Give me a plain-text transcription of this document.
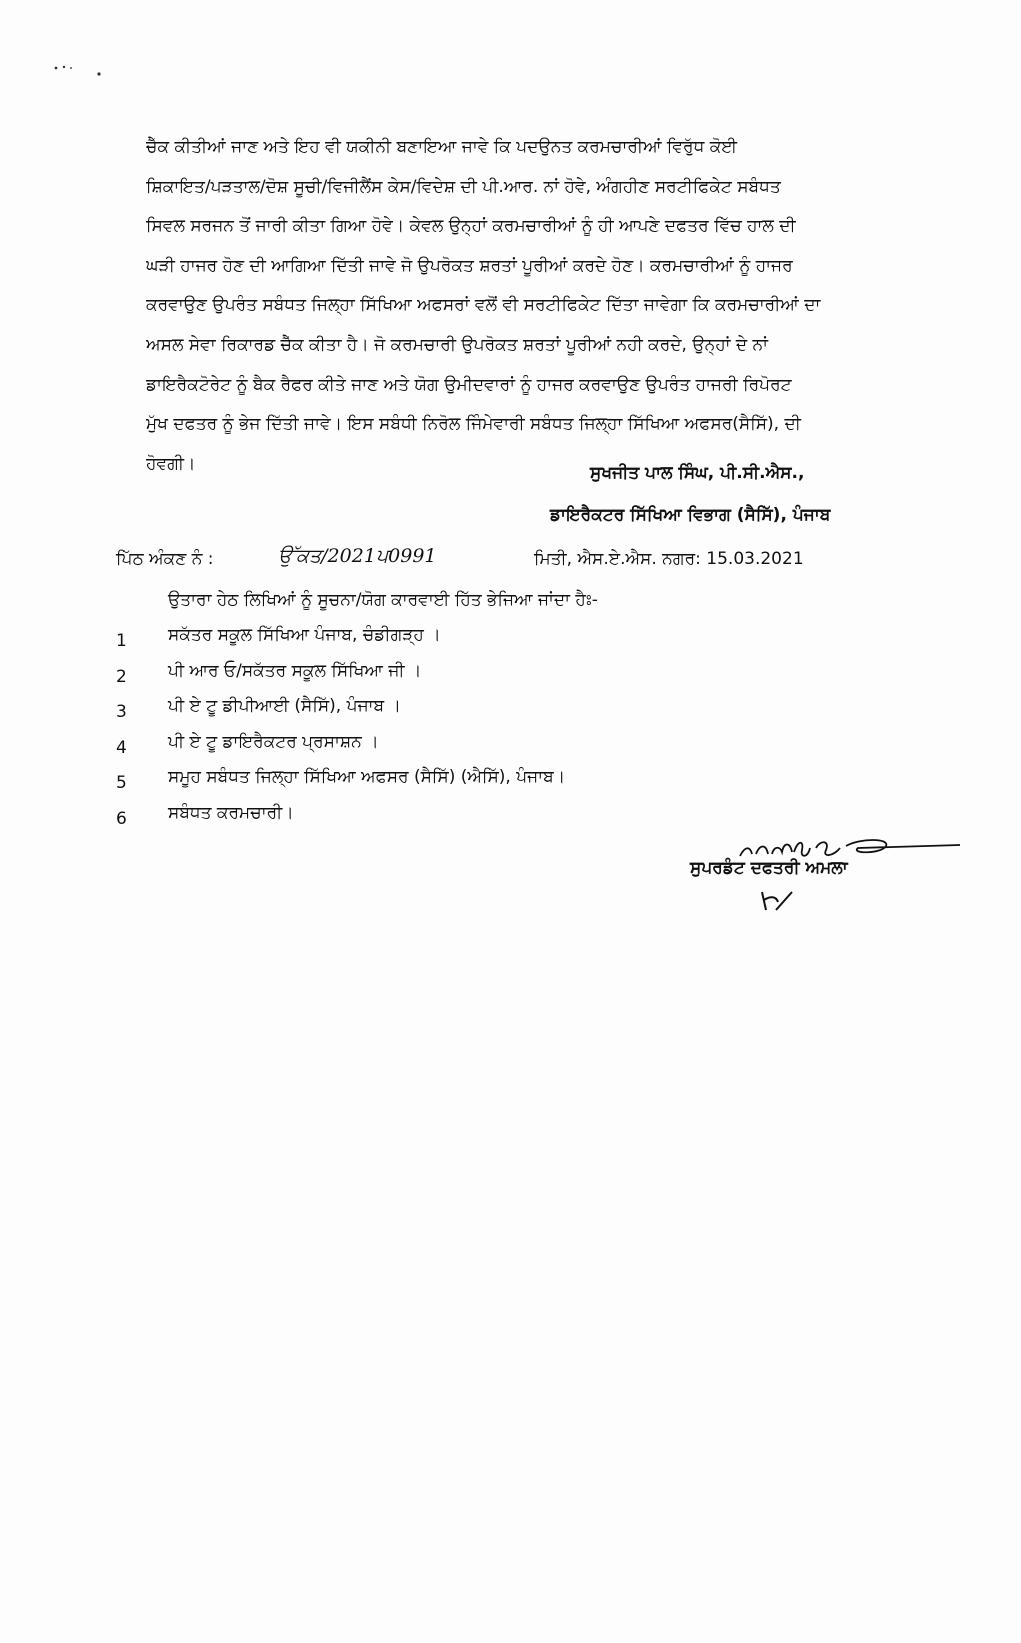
ਚੈੱਕ ਕੀਤੀਆਂ ਜਾਣ ਅਤੇ ਇਹ ਵੀ ਯਕੀਨੀ ਬਣਾਇਆ ਜਾਵੇ ਕਿ ਪਦਉਨਤ ਕਰਮਚਾਰੀਆਂ ਵਿਰੁੱਧ ਕੋਈ
ਸ਼ਿਕਾਇਤ/ਪੜਤਾਲ/ਦੋਸ਼ ਸੂਚੀ/ਵਿਜੀਲੈਂਸ ਕੇਸ/ਵਿਦੇਸ਼ ਦੀ ਪੀ.ਆਰ. ਨਾਂ ਹੋਵੇ, ਅੰਗਹੀਣ ਸਰਟੀਫਿਕੇਟ ਸਬੰਧਤ
ਸਿਵਲ ਸਰਜਨ ਤੋਂ ਜਾਰੀ ਕੀਤਾ ਗਿਆ ਹੋਵੇ। ਕੇਵਲ ਉਨ੍ਹਾਂ ਕਰਮਚਾਰੀਆਂ ਨੂੰ ਹੀ ਆਪਣੇ ਦਫਤਰ ਵਿੱਚ ਹਾਲ ਦੀ
ਘੜੀ ਹਾਜਰ ਹੋਣ ਦੀ ਆਗਿਆ ਦਿੱਤੀ ਜਾਵੇ ਜੋ ਉਪਰੋਕਤ ਸ਼ਰਤਾਂ ਪੂਰੀਆਂ ਕਰਦੇ ਹੋਣ। ਕਰਮਚਾਰੀਆਂ ਨੂੰ ਹਾਜਰ
ਕਰਵਾਉਣ ਉਪਰੰਤ ਸਬੰਧਤ ਜਿਲ੍ਹਾ ਸਿੱਖਿਆ ਅਫਸਰਾਂ ਵਲੋਂ ਵੀ ਸਰਟੀਫਿਕੇਟ ਦਿੱਤਾ ਜਾਵੇਗਾ ਕਿ ਕਰਮਚਾਰੀਆਂ ਦਾ
ਅਸਲ ਸੇਵਾ ਰਿਕਾਰਡ ਚੈੱਕ ਕੀਤਾ ਹੈ। ਜੋ ਕਰਮਚਾਰੀ ਉਪਰੋਕਤ ਸ਼ਰਤਾਂ ਪੂਰੀਆਂ ਨਹੀ ਕਰਦੇ, ਉਨ੍ਹਾਂ ਦੇ ਨਾਂ
ਡਾਇਰੈਕਟੋਰੇਟ ਨੂੰ ਬੈਕ ਰੈਫਰ ਕੀਤੇ ਜਾਣ ਅਤੇ ਯੋਗ ਉਮੀਦਵਾਰਾਂ ਨੂੰ ਹਾਜਰ ਕਰਵਾਉਣ ਉਪਰੰਤ ਹਾਜਰੀ ਰਿਪੋਰਟ
ਮੁੱਖ ਦਫਤਰ ਨੂੰ ਭੇਜ ਦਿੱਤੀ ਜਾਵੇ। ਇਸ ਸਬੰਧੀ ਨਿਰੋਲ ਜਿੰਮੇਵਾਰੀ ਸਬੰਧਤ ਜਿਲ੍ਹਾ ਸਿੱਖਿਆ ਅਫਸਰ(ਸੈਸਿੱ), ਦੀ
ਹੋਵਗੀ।	ਸੁਖਜੀਤ ਪਾਲ ਸਿੰਘ, ਪੀ.ਸੀ.ਐਸ.,
ਡਾਇਰੈਕਟਰ ਸਿੱਖਿਆ ਵਿਭਾਗ (ਸੈਸਿੱ), ਪੰਜਾਬ
ਪਿੱਠ ਅੰਕਣ ਨੰ :	ਉੱਕਤ/2021ਪ0991	ਮਿਤੀ, ਐਸ.ਏ.ਐਸ. ਨਗਰ: 15.03.2021
ਉਤਾਰਾ ਹੇਠ ਲਿਖਿਆਂ ਨੂੰ ਸੂਚਨਾ/ਯੋਗ ਕਾਰਵਾਈ ਹਿੱਤ ਭੇਜਿਆ ਜਾਂਦਾ ਹੈਃ-
1	ਸਕੱਤਰ ਸਕੂਲ ਸਿੱਖਿਆ ਪੰਜਾਬ, ਚੰਡੀਗੜ੍ਹ ।
2	ਪੀ ਆਰ ਓ/ਸਕੱਤਰ ਸਕੂਲ ਸਿੱਖਿਆ ਜੀ ।
3	ਪੀ ਏ ਟੂ ਡੀਪੀਆਈ (ਸੈਸਿੱ), ਪੰਜਾਬ ।
4	ਪੀ ਏ ਟੂ ਡਾਇਰੈਕਟਰ ਪ੍ਰਸਾਸ਼ਨ ।
5	ਸਮੂਹ ਸਬੰਧਤ ਜਿਲ੍ਹਾ ਸਿੱਖਿਆ ਅਫਸਰ (ਸੈਸਿੱ) (ਐਸਿੱ), ਪੰਜਾਬ।
6	ਸਬੰਧਤ ਕਰਮਚਾਰੀ।
ਸੁਪਰਡੰਟ ਦਫਤਰੀ ਅਮਲਾ
